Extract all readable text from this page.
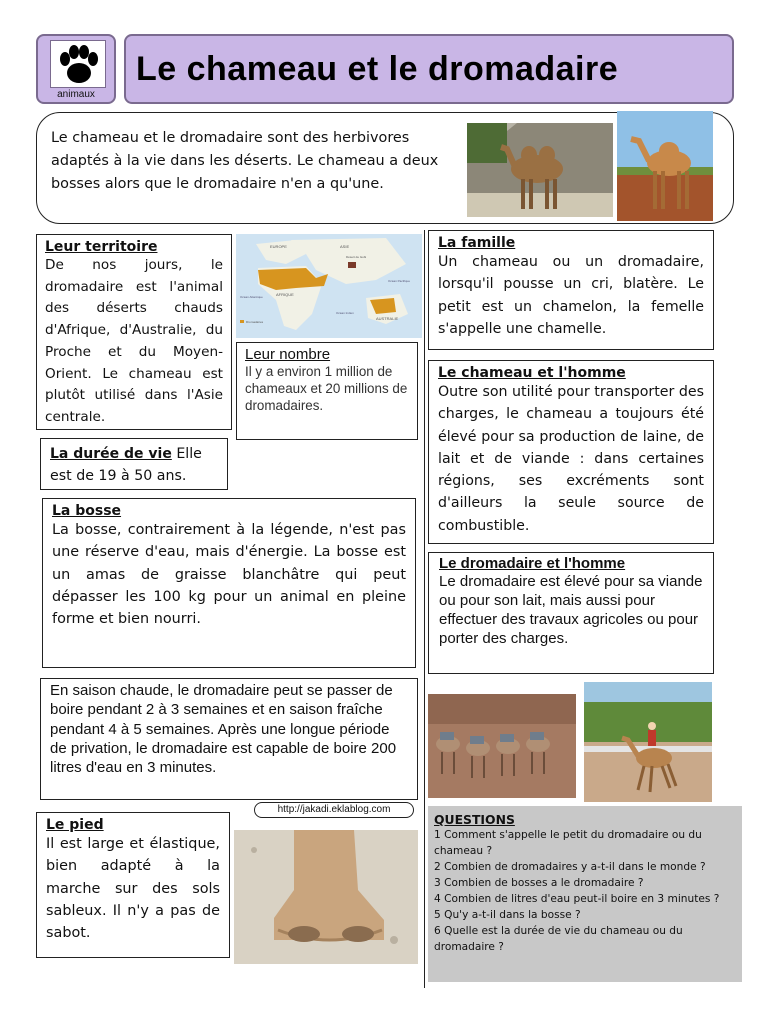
animaux
Le chameau et le dromadaire
Le chameau et le dromadaire sont des herbivores adaptés à la vie dans les déserts. Le chameau a deux bosses alors que le dromadaire n'en a qu'une.
Leur territoire
De nos jours, le dromadaire est l'animal des déserts chauds d'Afrique, d'Australie, du Proche et du Moyen-Orient. Le chameau est plutôt utilisé dans l'Asie centrale.
EUROPE	ASIE
AFRIQUE
AUSTRALIE
Désert de Gobi
Océan Atlantique
Océan Pacifique
Océan Indien
Dromadaires
Leur nombre
Il y a environ 1 million de chameaux et 20 millions de dromadaires.
La famille
Un chameau ou un dromadaire, lorsqu'il pousse un cri, blatère. Le petit est un chamelon, la femelle s'appelle une chamelle.
Le chameau et l'homme
Outre son utilité pour transporter des charges, le chameau a toujours été élevé pour sa production de laine, de lait et de viande : dans certaines régions, ses excréments sont d'ailleurs la seule source de combustible.
Le dromadaire et l'homme
Le dromadaire est élevé pour sa viande ou pour son lait, mais aussi pour effectuer des travaux agricoles ou pour porter des charges.
La durée de vie Elle est de 19 à 50 ans.
La bosse
La bosse, contrairement à la légende, n'est pas une réserve d'eau, mais d'énergie. La bosse est un amas de graisse blanchâtre qui peut dépasser les 100 kg pour un animal en pleine forme et bien nourri.
En saison chaude, le dromadaire peut se passer de boire pendant 2 à 3 semaines et en saison fraîche pendant 4 à 5 semaines. Après une longue période de privation, le dromadaire est capable de boire 200 litres d'eau en 3 minutes.
http://jakadi.eklablog.com
Le pied
Il est large et élastique, bien adapté à la marche sur des sols sableux. Il n'y a pas de sabot.
QUESTIONS
1 Comment s'appelle le petit du dromadaire ou du chameau ?
2 Combien de dromadaires y a-t-il dans le monde ?
3 Combien de bosses a le dromadaire ?
4 Combien de litres d'eau peut-il boire en 3 minutes ?
5 Qu'y a-t-il dans la bosse ?
6 Quelle est la durée de vie du chameau ou du dromadaire ?
